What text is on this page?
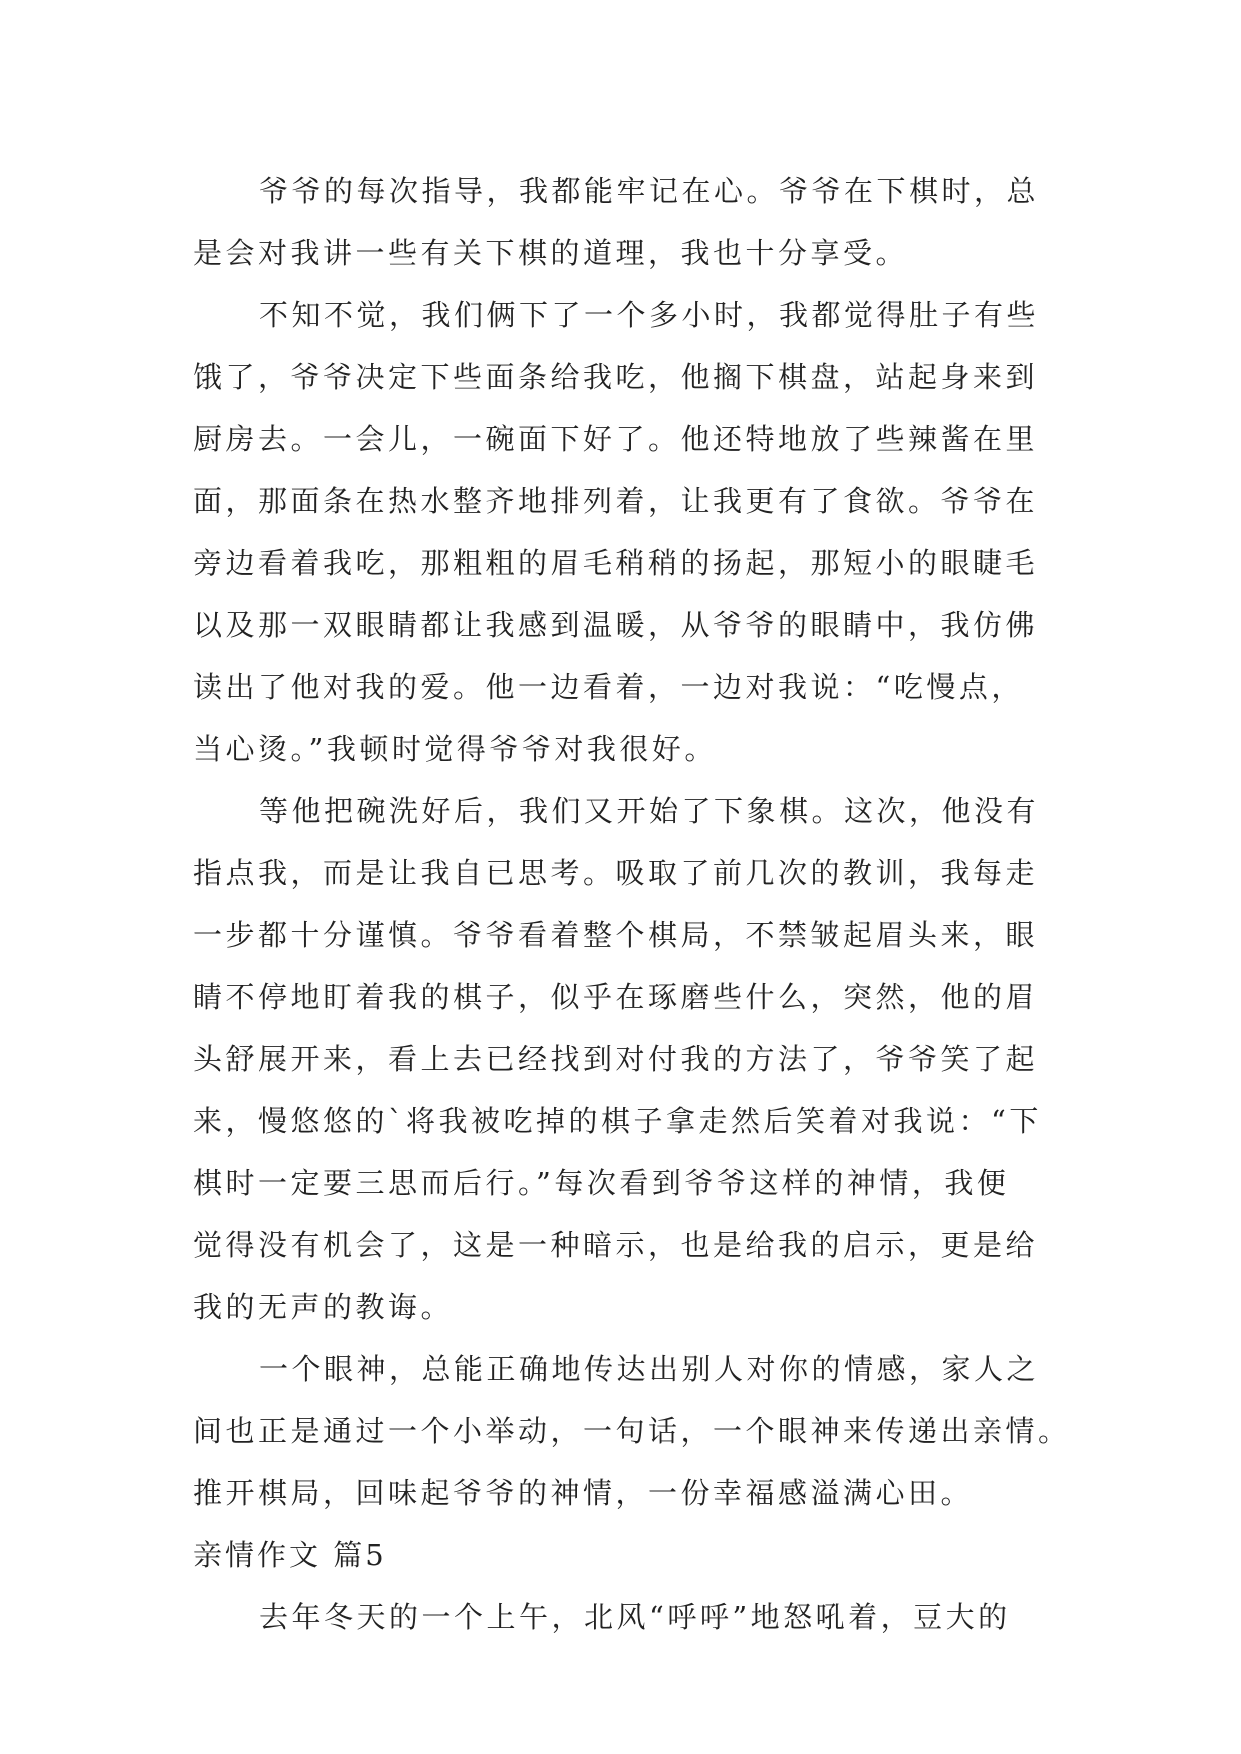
爷爷的每次指导，我都能牢记在心。爷爷在下棋时，总
是会对我讲一些有关下棋的道理，我也十分享受。
不知不觉，我们俩下了一个多小时，我都觉得肚子有些
饿了，爷爷决定下些面条给我吃，他搁下棋盘，站起身来到
厨房去。一会儿，一碗面下好了。他还特地放了些辣酱在里
面，那面条在热水整齐地排列着，让我更有了食欲。爷爷在
旁边看着我吃，那粗粗的眉毛稍稍的扬起，那短小的眼睫毛
以及那一双眼睛都让我感到温暖，从爷爷的眼睛中，我仿佛
读出了他对我的爱。他一边看着，一边对我说：“吃慢点，
当心烫。”我顿时觉得爷爷对我很好。
等他把碗洗好后，我们又开始了下象棋。这次，他没有
指点我，而是让我自已思考。吸取了前几次的教训，我每走
一步都十分谨慎。爷爷看着整个棋局，不禁皱起眉头来，眼
睛不停地盯着我的棋子，似乎在琢磨些什么，突然，他的眉
头舒展开来，看上去已经找到对付我的方法了，爷爷笑了起
来，慢悠悠的`将我被吃掉的棋子拿走然后笑着对我说：“下
棋时一定要三思而后行。”每次看到爷爷这样的神情，我便
觉得没有机会了，这是一种暗示，也是给我的启示，更是给
我的无声的教诲。
一个眼神，总能正确地传达出别人对你的情感，家人之
间也正是通过一个小举动，一句话，一个眼神来传递出亲情。
推开棋局，回味起爷爷的神情，一份幸福感溢满心田。
亲情作文 篇5
去年冬天的一个上午，北风“呼呼”地怒吼着，豆大的
